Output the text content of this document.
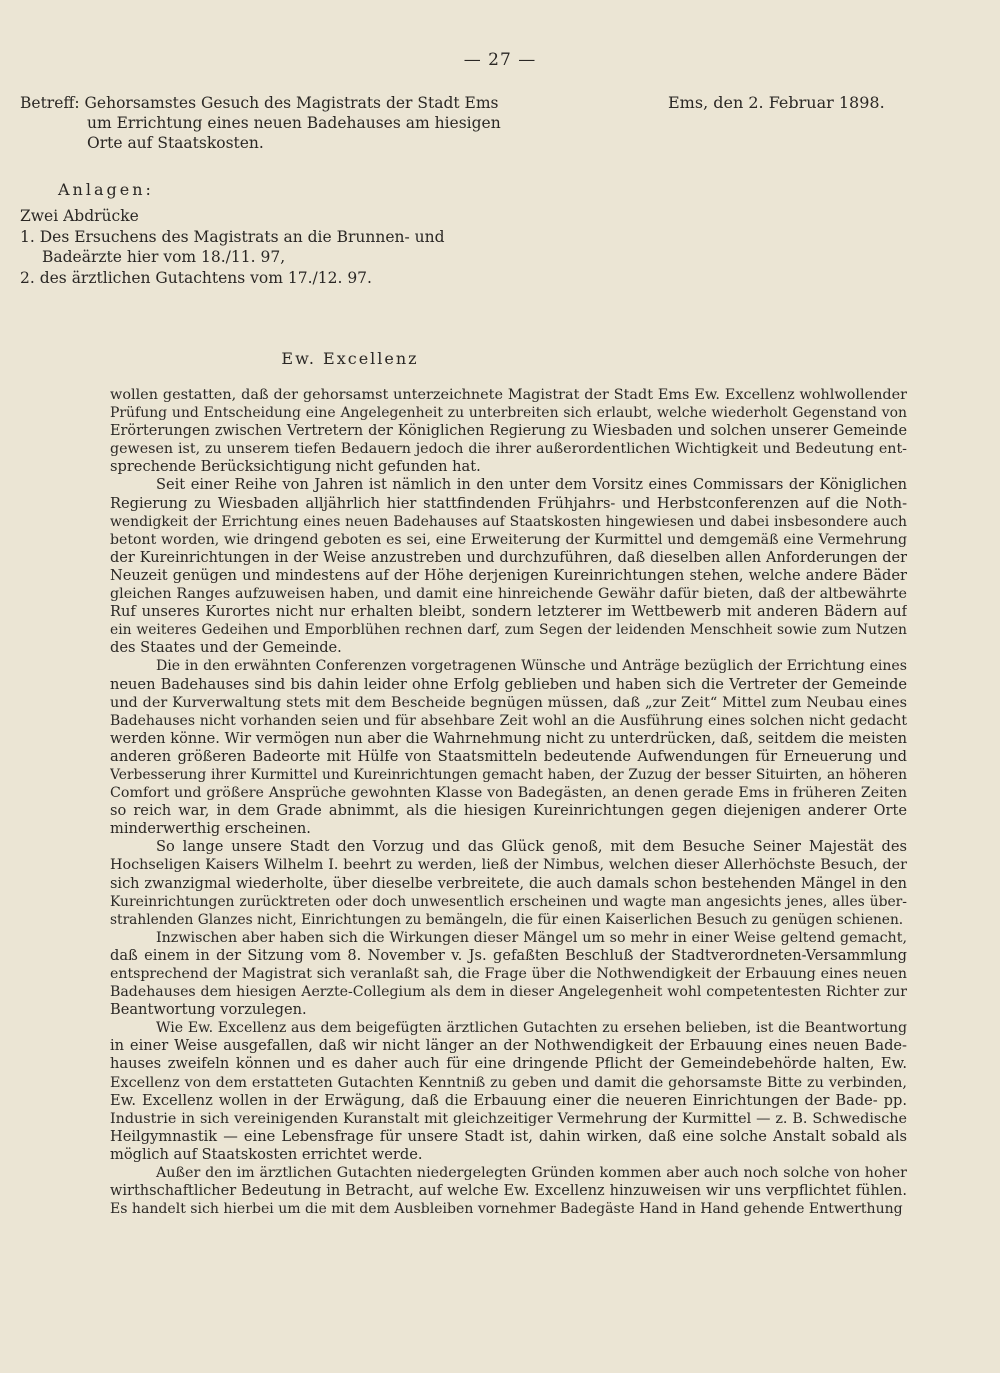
— 27 —
Betreff: Gehorsamstes Gesuch des Magistrats der Stadt Ems
um Errichtung eines neuen Badehauses am hiesigen
Orte auf Staatskosten.
Ems, den 2. Februar 1898.
Anlagen:
Zwei Abdrücke
1. Des Ersuchens des Magistrats an die Brunnen- und
Badeärzte hier vom 18./11. 97,
2. des ärztlichen Gutachtens vom 17./12. 97.
Ew. Excellenz
wollen gestatten, daß der gehorsamst unterzeichnete Magistrat der Stadt Ems Ew. Excellenz wohlwollender
Prüfung und Entscheidung eine Angelegenheit zu unterbreiten sich erlaubt, welche wiederholt Gegenstand von
Erörterungen zwischen Vertretern der Königlichen Regierung zu Wiesbaden und solchen unserer Gemeinde
gewesen ist, zu unserem tiefen Bedauern jedoch die ihrer außerordentlichen Wichtigkeit und Bedeutung ent-
sprechende Berücksichtigung nicht gefunden hat.
Seit einer Reihe von Jahren ist nämlich in den unter dem Vorsitz eines Commissars der Königlichen
Regierung zu Wiesbaden alljährlich hier stattfindenden Frühjahrs- und Herbstconferenzen auf die Noth-
wendigkeit der Errichtung eines neuen Badehauses auf Staatskosten hingewiesen und dabei insbesondere auch
betont worden, wie dringend geboten es sei, eine Erweiterung der Kurmittel und demgemäß eine Vermehrung
der Kureinrichtungen in der Weise anzustreben und durchzuführen, daß dieselben allen Anforderungen der
Neuzeit genügen und mindestens auf der Höhe derjenigen Kureinrichtungen stehen, welche andere Bäder
gleichen Ranges aufzuweisen haben, und damit eine hinreichende Gewähr dafür bieten, daß der altbewährte
Ruf unseres Kurortes nicht nur erhalten bleibt, sondern letzterer im Wettbewerb mit anderen Bädern auf
ein weiteres Gedeihen und Emporblühen rechnen darf, zum Segen der leidenden Menschheit sowie zum Nutzen
des Staates und der Gemeinde.
Die in den erwähnten Conferenzen vorgetragenen Wünsche und Anträge bezüglich der Errichtung eines
neuen Badehauses sind bis dahin leider ohne Erfolg geblieben und haben sich die Vertreter der Gemeinde
und der Kurverwaltung stets mit dem Bescheide begnügen müssen, daß „zur Zeit“ Mittel zum Neubau eines
Badehauses nicht vorhanden seien und für absehbare Zeit wohl an die Ausführung eines solchen nicht gedacht
werden könne. Wir vermögen nun aber die Wahrnehmung nicht zu unterdrücken, daß, seitdem die meisten
anderen größeren Badeorte mit Hülfe von Staatsmitteln bedeutende Aufwendungen für Erneuerung und
Verbesserung ihrer Kurmittel und Kureinrichtungen gemacht haben, der Zuzug der besser Situirten, an höheren
Comfort und größere Ansprüche gewohnten Klasse von Badegästen, an denen gerade Ems in früheren Zeiten
so reich war, in dem Grade abnimmt, als die hiesigen Kureinrichtungen gegen diejenigen anderer Orte
minderwerthig erscheinen.
So lange unsere Stadt den Vorzug und das Glück genoß, mit dem Besuche Seiner Majestät des
Hochseligen Kaisers Wilhelm I. beehrt zu werden, ließ der Nimbus, welchen dieser Allerhöchste Besuch, der
sich zwanzigmal wiederholte, über dieselbe verbreitete, die auch damals schon bestehenden Mängel in den
Kureinrichtungen zurücktreten oder doch unwesentlich erscheinen und wagte man angesichts jenes, alles über-
strahlenden Glanzes nicht, Einrichtungen zu bemängeln, die für einen Kaiserlichen Besuch zu genügen schienen.
Inzwischen aber haben sich die Wirkungen dieser Mängel um so mehr in einer Weise geltend gemacht,
daß einem in der Sitzung vom 8. November v. Js. gefaßten Beschluß der Stadtverordneten-Versammlung
entsprechend der Magistrat sich veranlaßt sah, die Frage über die Nothwendigkeit der Erbauung eines neuen
Badehauses dem hiesigen Aerzte-Collegium als dem in dieser Angelegenheit wohl competentesten Richter zur
Beantwortung vorzulegen.
Wie Ew. Excellenz aus dem beigefügten ärztlichen Gutachten zu ersehen belieben, ist die Beantwortung
in einer Weise ausgefallen, daß wir nicht länger an der Nothwendigkeit der Erbauung eines neuen Bade-
hauses zweifeln können und es daher auch für eine dringende Pflicht der Gemeindebehörde halten, Ew.
Excellenz von dem erstatteten Gutachten Kenntniß zu geben und damit die gehorsamste Bitte zu verbinden,
Ew. Excellenz wollen in der Erwägung, daß die Erbauung einer die neueren Einrichtungen der Bade- pp.
Industrie in sich vereinigenden Kuranstalt mit gleichzeitiger Vermehrung der Kurmittel — z. B. Schwedische
Heilgymnastik — eine Lebensfrage für unsere Stadt ist, dahin wirken, daß eine solche Anstalt sobald als
möglich auf Staatskosten errichtet werde.
Außer den im ärztlichen Gutachten niedergelegten Gründen kommen aber auch noch solche von hoher
wirthschaftlicher Bedeutung in Betracht, auf welche Ew. Excellenz hinzuweisen wir uns verpflichtet fühlen.
Es handelt sich hierbei um die mit dem Ausbleiben vornehmer Badegäste Hand in Hand gehende Entwerthung
